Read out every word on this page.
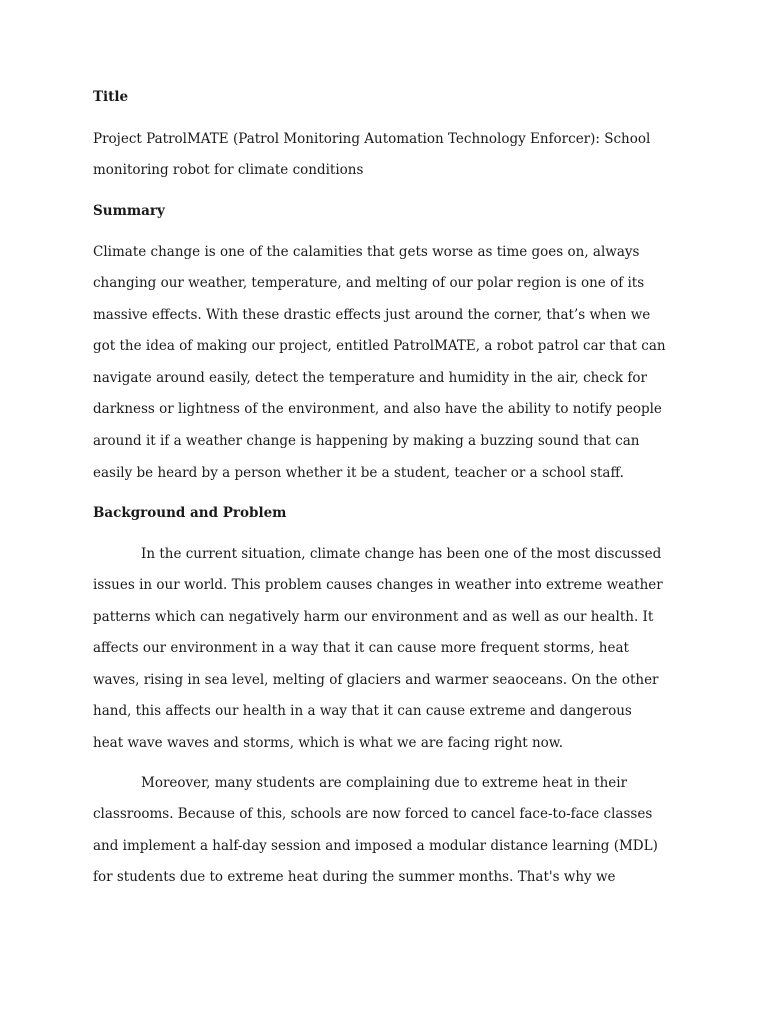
Title
Project PatrolMATE (Patrol Monitoring Automation Technology Enforcer): School
monitoring robot for climate conditions
Summary
Climate change is one of the calamities that gets worse as time goes on, always
changing our weather, temperature, and melting of our polar region is one of its
massive effects. With these drastic effects just around the corner, that’s when we
got the idea of making our project, entitled PatrolMATE, a robot patrol car that can
navigate around easily, detect the temperature and humidity in the air, check for
darkness or lightness of the environment, and also have the ability to notify people
around it if a weather change is happening by making a buzzing sound that can
easily be heard by a person whether it be a student, teacher or a school staff.
Background and Problem
In the current situation, climate change has been one of the most discussed
issues in our world. This problem causes changes in weather into extreme weather
patterns which can negatively harm our environment and as well as our health. It
affects our environment in a way that it can cause more frequent storms, heat
waves, rising in sea level, melting of glaciers and warmer seaoceans. On the other
hand, this affects our health in a way that it can cause extreme and dangerous
heat wave waves and storms, which is what we are facing right now.
Moreover, many students are complaining due to extreme heat in their
classrooms. Because of this, schools are now forced to cancel face-to-face classes
and implement a half-day session and imposed a modular distance learning (MDL)
for students due to extreme heat during the summer months. That's why we
